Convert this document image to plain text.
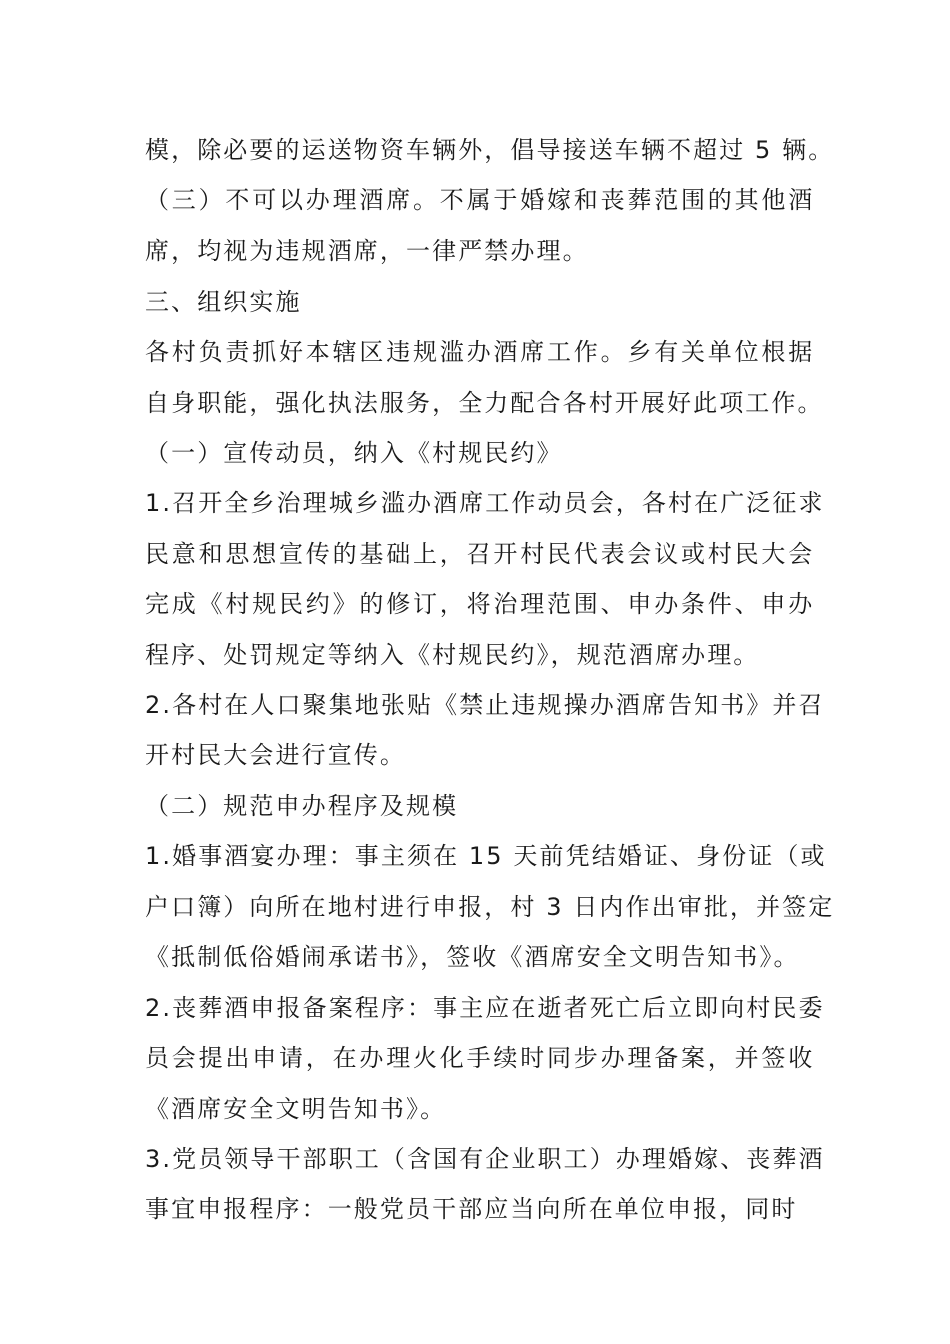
模，除必要的运送物资车辆外，倡导接送车辆不超过 5 辆。
（三）不可以办理酒席。不属于婚嫁和丧葬范围的其他酒
席，均视为违规酒席，一律严禁办理。
三、组织实施
各村负责抓好本辖区违规滥办酒席工作。乡有关单位根据
自身职能，强化执法服务，全力配合各村开展好此项工作。
（一）宣传动员，纳入《村规民约》
1.召开全乡治理城乡滥办酒席工作动员会，各村在广泛征求
民意和思想宣传的基础上，召开村民代表会议或村民大会
完成《村规民约》的修订，将治理范围、申办条件、申办
程序、处罚规定等纳入《村规民约》，规范酒席办理。
2.各村在人口聚集地张贴《禁止违规操办酒席告知书》并召
开村民大会进行宣传。
（二）规范申办程序及规模
1.婚事酒宴办理：事主须在 15 天前凭结婚证、身份证（或
户口簿）向所在地村进行申报，村 3 日内作出审批，并签定
《抵制低俗婚闹承诺书》，签收《酒席安全文明告知书》。
2.丧葬酒申报备案程序：事主应在逝者死亡后立即向村民委
员会提出申请，在办理火化手续时同步办理备案，并签收
《酒席安全文明告知书》。
3.党员领导干部职工（含国有企业职工）办理婚嫁、丧葬酒
事宜申报程序：一般党员干部应当向所在单位申报，同时
